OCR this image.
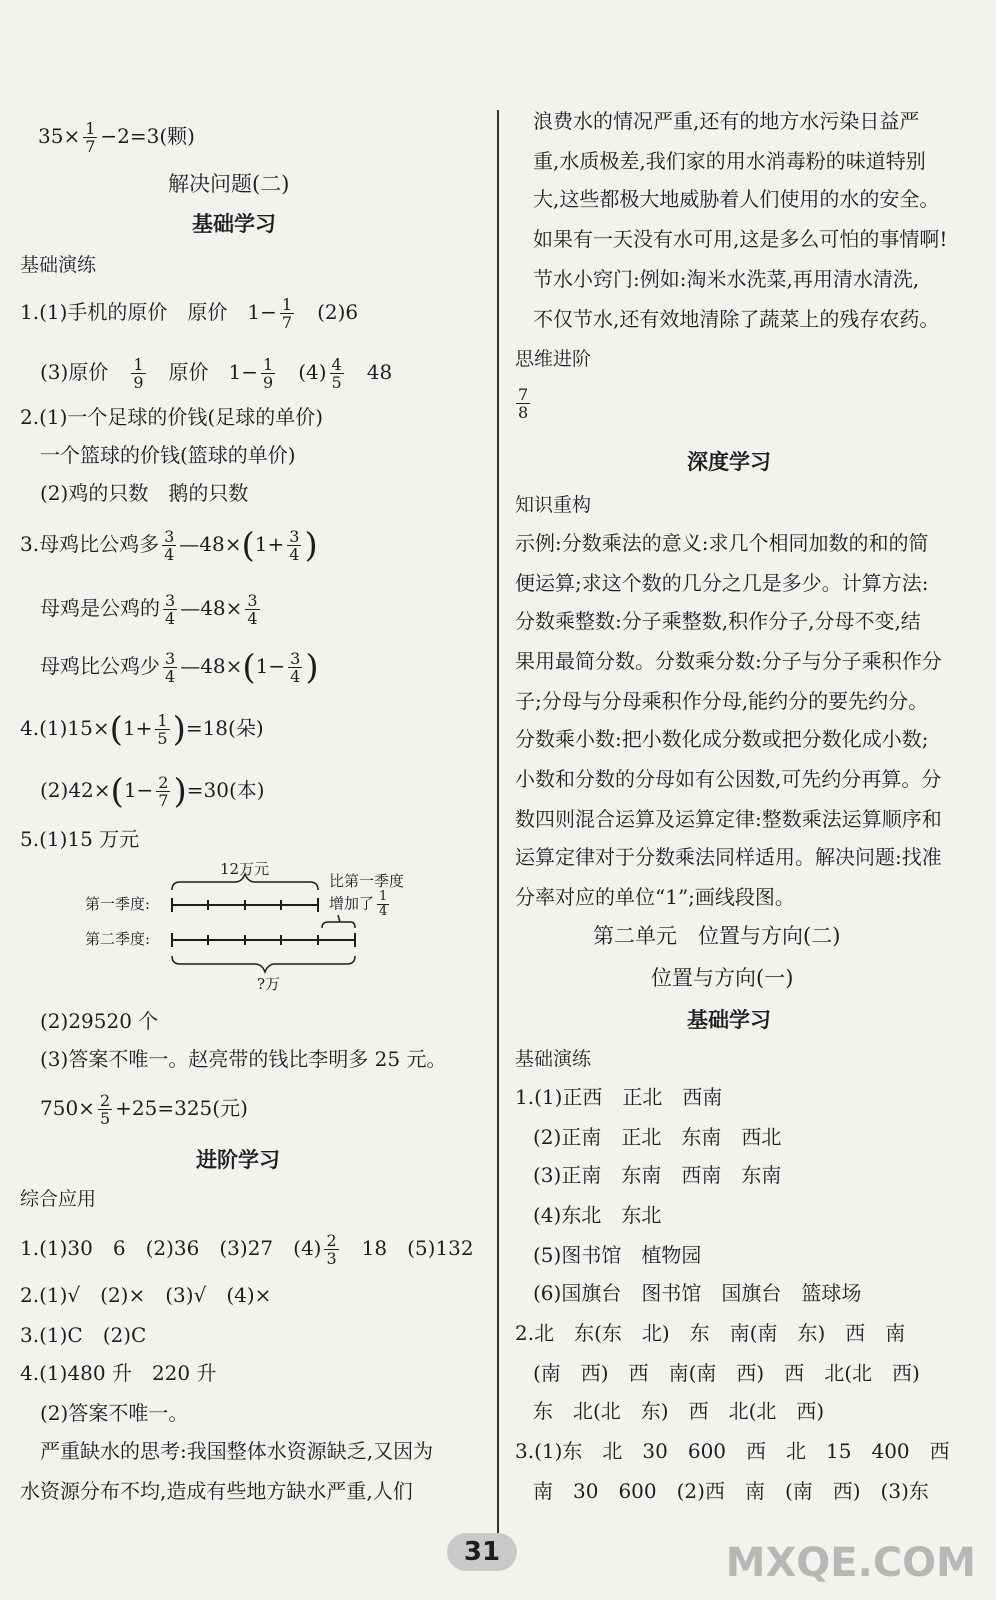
$35\times \frac{1}{7} -2=3$(颗)
解决问题(二)
基础学习
基础演练
1.(1)手机的原价　原价　$1- \frac{1}{7}$
　 (2)6
(3)原价　 $\frac{1}{9}$
　 原价　$1- \frac{1}{9}$
　 $(4) \frac{4}{5}$
　 48
2.(1)一个足球的价钱(足球的单价)
一个篮球的价钱(篮球的单价)
(2)鸡的只数　鹅的只数
3.母鸡比公鸡多 $\frac{3}{4}$ —48×(1+ $\frac{3}{4}$ )
母鸡是公鸡的 $\frac{3}{4}$ —48× $\frac{3}{4}$
母鸡比公鸡少 $\frac{3}{4}$ —48×(1− $\frac{3}{4}$ )
$4.(1)15\times(1+ \frac{1}{5} )=18$(朵)
$(2)42\times(1- \frac{2}{7} )=30$(本)
5.(1)15 万元
12万元
第一季度:
第二季度:
比第一季度
增加了 $\frac{1}{4}$
?万
(2)29520 个
(3)答案不唯一。赵亮带的钱比李明多 25 元。
$750\times \frac{2}{5} +25=325$(元)
进阶学习
综合应用
1.(1)30　6　(2)36　(3)27　$(4) \frac{2}{3}$
　 18　(5)132
2.(1)√　(2)×　(3)√　(4)×
3.(1)C　(2)C
4.(1)480 升　220 升
(2)答案不唯一。
严重缺水的思考:我国整体水资源缺乏,又因为
水资源分布不均,造成有些地方缺水严重,人们
浪费水的情况严重,还有的地方水污染日益严
重,水质极差,我们家的用水消毒粉的味道特别
大,这些都极大地威胁着人们使用的水的安全。
如果有一天没有水可用,这是多么可怕的事情啊!
节水小窍门:例如:淘米水洗菜,再用清水清洗,
不仅节水,还有效地清除了蔬菜上的残存农药。
思维进阶
$\frac{7}{8}$
深度学习
知识重构
示例:分数乘法的意义:求几个相同加数的和的简
便运算;求这个数的几分之几是多少。计算方法:
分数乘整数:分子乘整数,积作分子,分母不变,结
果用最简分数。分数乘分数:分子与分子乘积作分
子;分母与分母乘积作分母,能约分的要先约分。
分数乘小数:把小数化成分数或把分数化成小数;
小数和分数的分母如有公因数,可先约分再算。分
数四则混合运算及运算定律:整数乘法运算顺序和
运算定律对于分数乘法同样适用。解决问题:找准
分率对应的单位“1”;画线段图。
第二单元　位置与方向(二)
位置与方向(一)
基础学习
基础演练
1.(1)正西　正北　西南
(2)正南　正北　东南　西北
(3)正南　东南　西南　东南
(4)东北　东北
(5)图书馆　植物园
(6)国旗台　图书馆　国旗台　篮球场
2.北　东(东　北)　东　南(南　东)　西　南
(南　西)　西　南(南　西)　西　北(北　西)
东　北(北　东)　西　北(北　西)
3.(1)东　北　30　600　西　北　15　400　西
南　30　600　(2)西　南　(南　西)　(3)东
31	MXQE.COM
